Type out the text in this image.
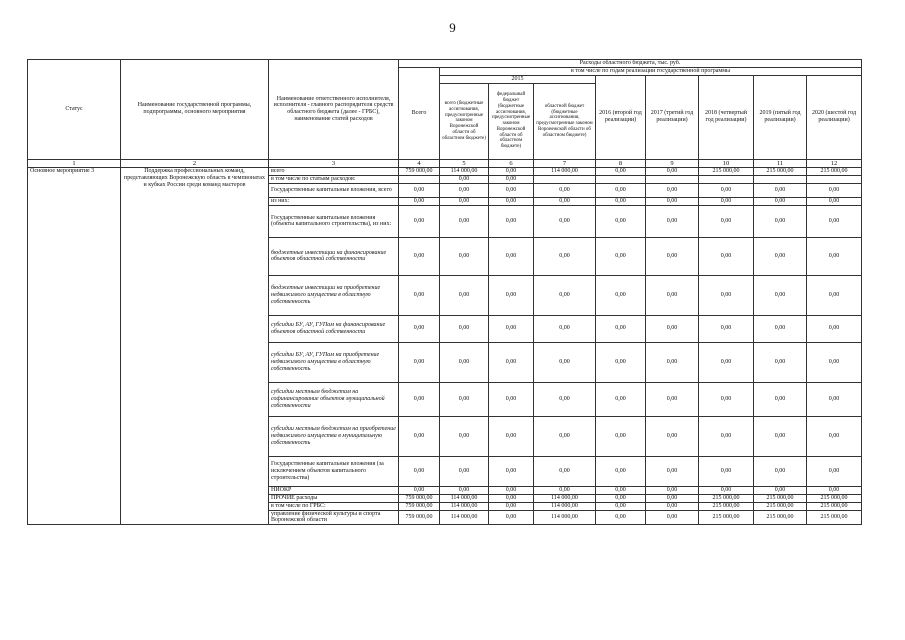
9
Статус	Наименование государственной программы, подпрограммы, основного мероприятия	Наименование ответственного исполнителя, исполнителя - главного распорядителя средств областного бюджета (далее - ГРБС), наименование статей расходов	Расходы областного бюджета, тыс. руб.								
			Всего	в том числе по годам реализации государственной программы							
				2015			2016 (второй год реализации)	2017 (третий год реализации)	2018 (четвертый год реализации)	2019 (пятый год реализации)	2020 (шестой год реализации)
				всего (бюджетные ассигнования, предусмотренные законом Воронежской области об областном бюджете)	федеральный бюджет (бюджетные ассигнования, предусмотренные законом Воронежской области об областном бюджете)	областной бюджет (бюджетные ассигнования, предусмотренные законом Воронежской области об областном бюджете)					
1	2	3	4	5	6	7	8	9	10	11	12
Основное мероприятие 3	Поддержка профессиональных команд, представляющих Воронежскую область в чемпионатах и кубках России среди команд мастеров	всего	759 000,00	114 000,00	0,00	114 000,00	0,00	0,00	215 000,00	215 000,00	215 000,00
		в том числе по статьям расходов:		0,00	0,00						
		Государственные капитальные вложения, всего	0,00	0,00	0,00	0,00	0,00	0,00	0,00	0,00	0,00
		из них:	0,00	0,00	0,00	0,00	0,00	0,00	0,00	0,00	0,00
		Государственные капитальные вложения (объекты капитального строительства), из них:	0,00	0,00	0,00	0,00	0,00	0,00	0,00	0,00	0,00
		бюджетные инвестиции на финансирование объектов областной собственности	0,00	0,00	0,00	0,00	0,00	0,00	0,00	0,00	0,00
		бюджетные инвестиции на приобретение недвижимого имущества в областную собственность	0,00	0,00	0,00	0,00	0,00	0,00	0,00	0,00	0,00
		субсидии БУ, АУ, ГУПам на финансирование объектов областной собственности	0,00	0,00	0,00	0,00	0,00	0,00	0,00	0,00	0,00
		субсидии БУ, АУ, ГУПам на приобретение недвижимого имущества в областную собственность	0,00	0,00	0,00	0,00	0,00	0,00	0,00	0,00	0,00
		субсидии местным бюджетам на софинансирование объектов муниципальной собственности	0,00	0,00	0,00	0,00	0,00	0,00	0,00	0,00	0,00
		субсидии местным бюджетам на приобретение недвижимого имущества в муниципальную собственность	0,00	0,00	0,00	0,00	0,00	0,00	0,00	0,00	0,00
		Государственные капитальные вложения (за исключением объектов капитального строительства)	0,00	0,00	0,00	0,00	0,00	0,00	0,00	0,00	0,00
		НИОКР	0,00	0,00	0,00	0,00	0,00	0,00	0,00	0,00	0,00
		ПРОЧИЕ расходы	759 000,00	114 000,00	0,00	114 000,00	0,00	0,00	215 000,00	215 000,00	215 000,00
		в том числе по ГРБС:	759 000,00	114 000,00	0,00	114 000,00	0,00	0,00	215 000,00	215 000,00	215 000,00
		управление физической культуры и спорта Воронежской области	759 000,00	114 000,00	0,00	114 000,00	0,00	0,00	215 000,00	215 000,00	215 000,00
